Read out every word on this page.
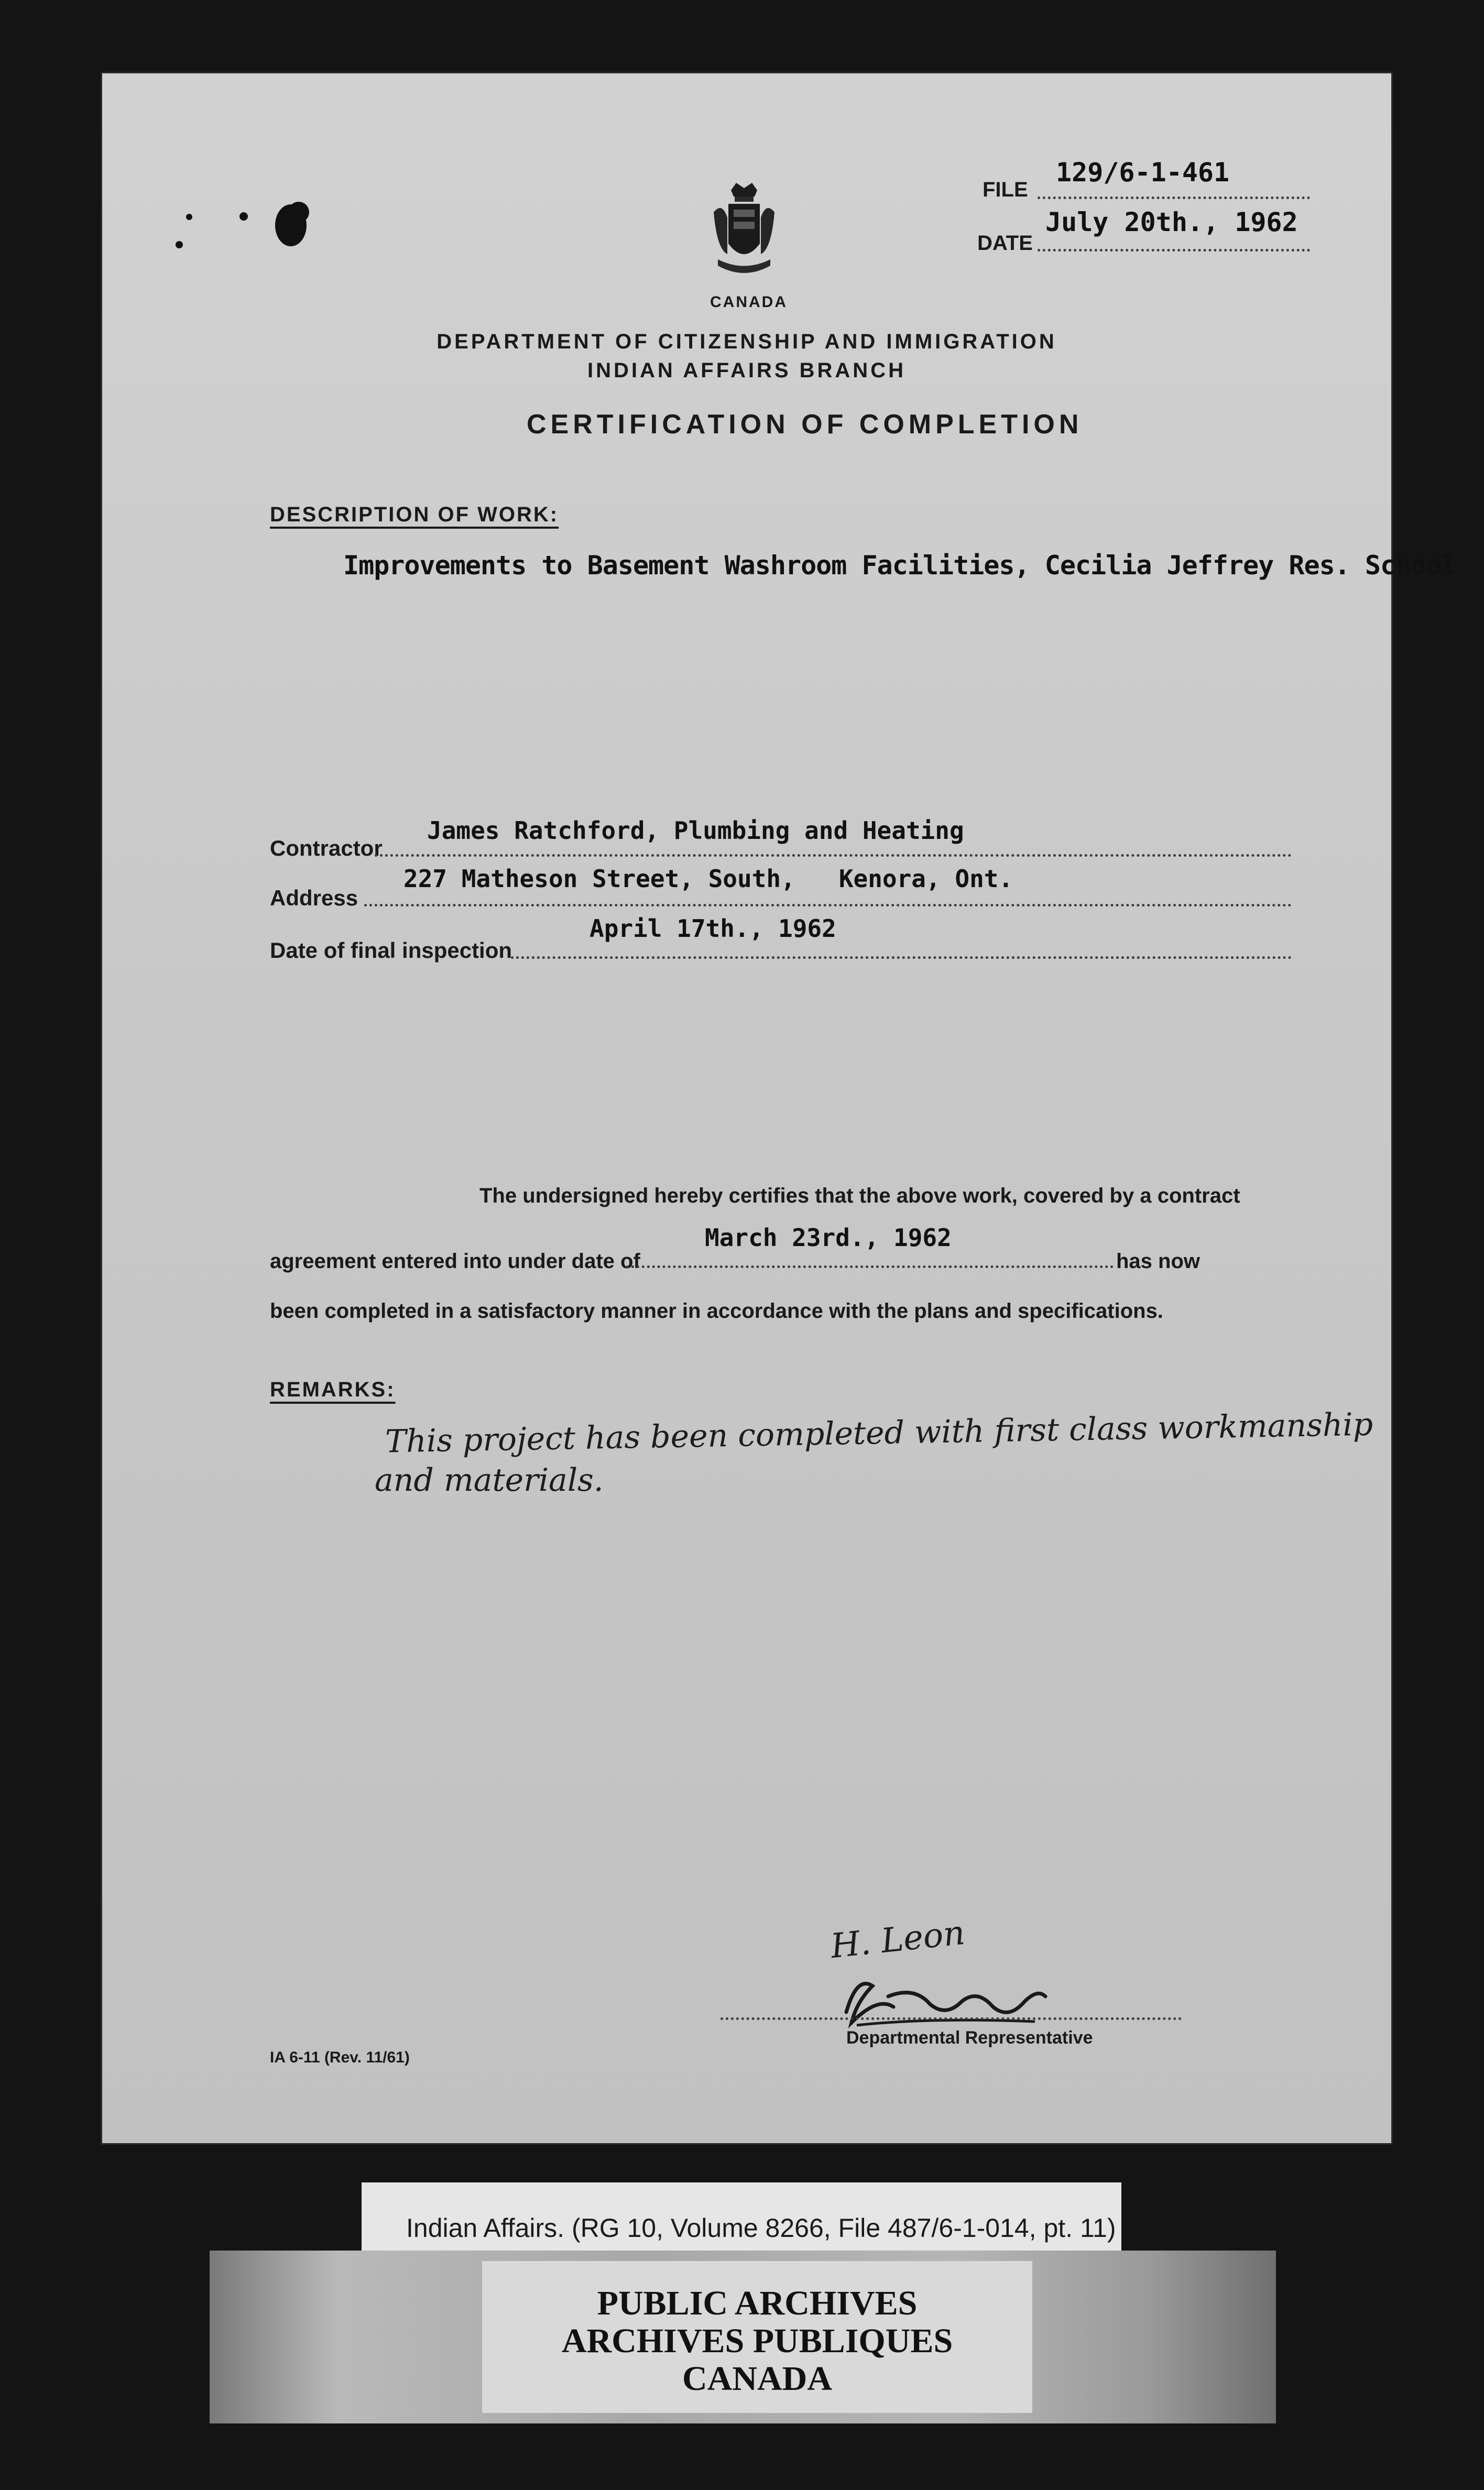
CANADA
FILE
129/6-1-461
DATE
July 20th., 1962
DEPARTMENT OF CITIZENSHIP AND IMMIGRATION
INDIAN AFFAIRS BRANCH
CERTIFICATION OF COMPLETION
DESCRIPTION OF WORK:
Improvements to Basement Washroom Facilities, Cecilia Jeffrey Res. School
Contractor
James Ratchford, Plumbing and Heating
Address
227 Matheson Street, South,   Kenora, Ont.
Date of final inspection
April 17th., 1962
The undersigned hereby certifies that the above work, covered by a contract
agreement entered into under date of
March 23rd., 1962
has now
been completed in a satisfactory manner in accordance with the plans and specifications.
REMARKS:
This project has been completed with first class workmanship
and materials.
H. Leon
Departmental Representative
IA 6-11 (Rev. 11/61)
Indian Affairs. (RG 10, Volume 8266, File 487/6-1-014, pt. 11)
PUBLIC ARCHIVES
ARCHIVES PUBLIQUES
CANADA
